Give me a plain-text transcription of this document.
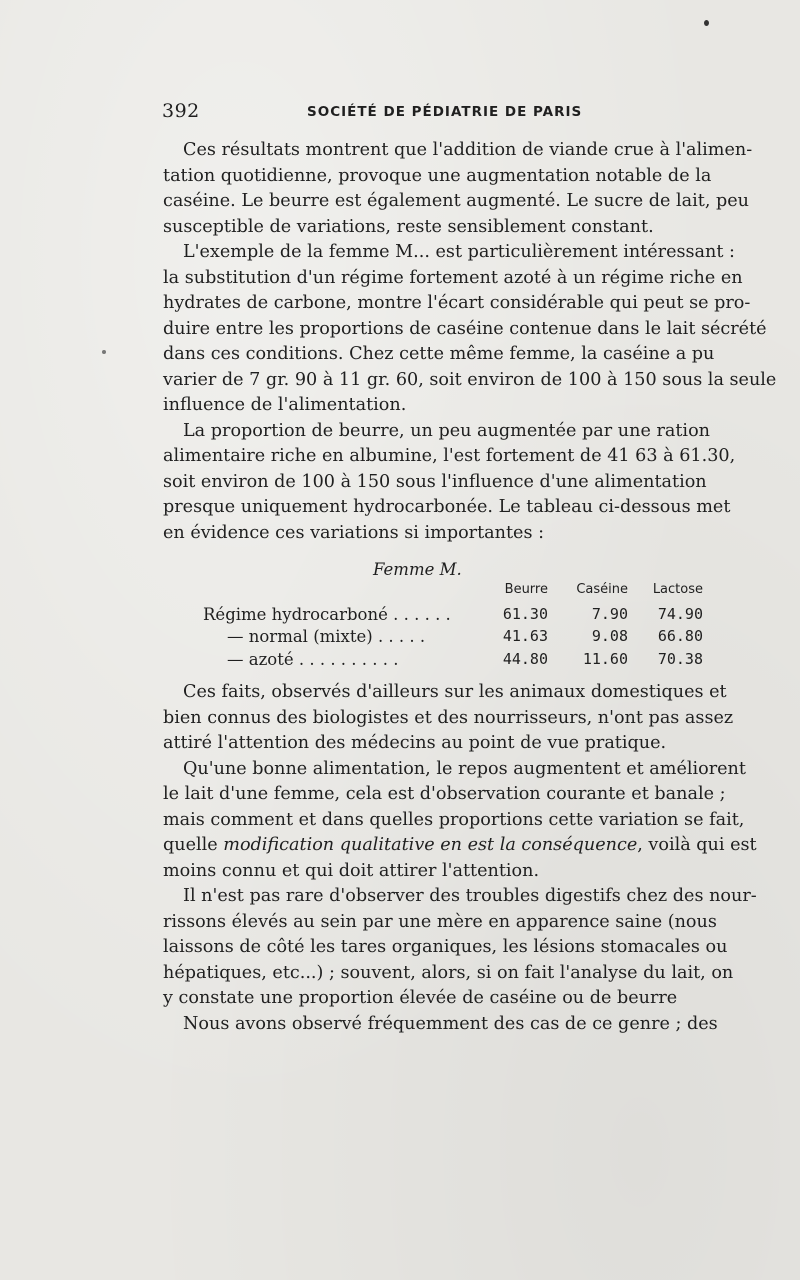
392	SOCIÉTÉ DE PÉDIATRIE DE PARIS
Ces résultats montrent que l'addition de viande crue à l'alimen-
tation quotidienne, provoque une augmentation notable de la
caséine. Le beurre est également augmenté. Le sucre de lait, peu
susceptible de variations, reste sensiblement constant.
L'exemple de la femme M... est particulièrement intéressant :
la substitution d'un régime fortement azoté à un régime riche en
hydrates de carbone, montre l'écart considérable qui peut se pro-
duire entre les proportions de caséine contenue dans le lait sécrété
dans ces conditions. Chez cette même femme, la caséine a pu
varier de 7 gr. 90 à 11 gr. 60, soit environ de 100 à 150 sous la seule
influence de l'alimentation.
La proportion de beurre, un peu augmentée par une ration
alimentaire riche en albumine, l'est fortement de 41 63 à 61.30,
soit environ de 100 à 150 sous l'influence d'une alimentation
presque uniquement hydrocarbonée. Le tableau ci-dessous met
en évidence ces variations si importantes :
Femme M.
Beurre	Caséine	Lactose
Régime hydrocarboné . . . . . .	61.30	7.90	74.90
— normal (mixte) . . . . .	41.63	9.08	66.80
— azoté . . . . . . . . . .	44.80	11.60	70.38
Ces faits, observés d'ailleurs sur les animaux domestiques et
bien connus des biologistes et des nourrisseurs, n'ont pas assez
attiré l'attention des médecins au point de vue pratique.
Qu'une bonne alimentation, le repos augmentent et améliorent
le lait d'une femme, cela est d'observation courante et banale ;
mais comment et dans quelles proportions cette variation se fait,
quelle modification qualitative en est la conséquence, voilà qui est
moins connu et qui doit attirer l'attention.
Il n'est pas rare d'observer des troubles digestifs chez des nour-
rissons élevés au sein par une mère en apparence saine (nous
laissons de côté les tares organiques, les lésions stomacales ou
hépatiques, etc...) ; souvent, alors, si on fait l'analyse du lait, on
y constate une proportion élevée de caséine ou de beurre
Nous avons observé fréquemment des cas de ce genre ; des
